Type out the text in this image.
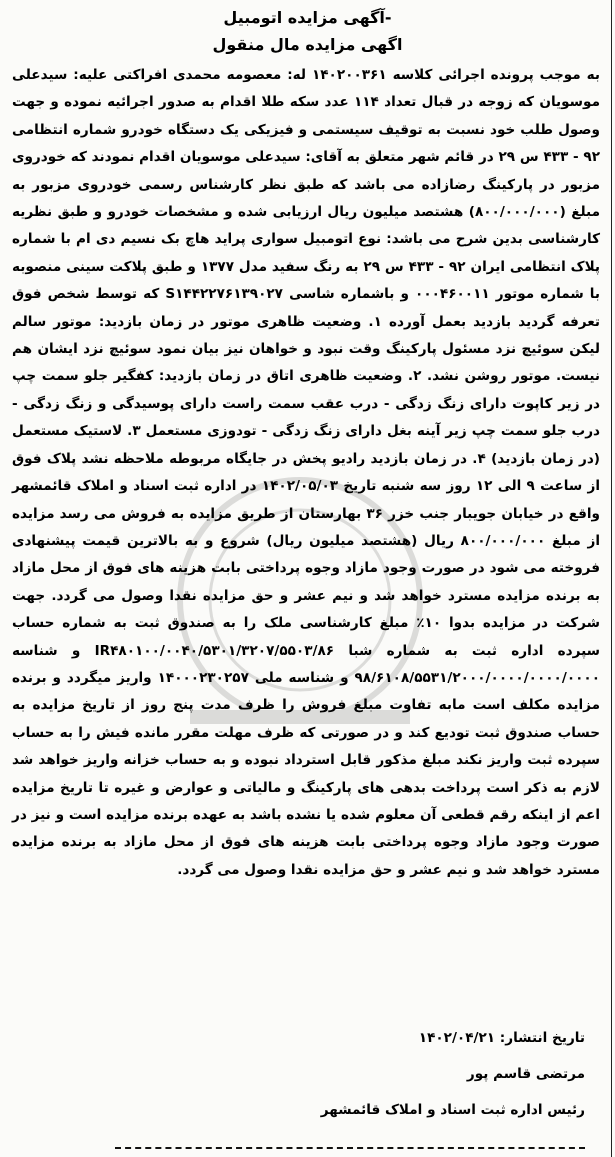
-آگهی مزایده اتومبیل
اگهی مزایده مال منقول
به موجب پرونده اجرائی کلاسه ۱۴۰۲۰۰۳۶۱ له: معصومه محمدی افراکتی علیه: سیدعلی موسویان که زوجه در قبال تعداد ۱۱۴ عدد سکه طلا اقدام به صدور اجرائیه نموده و جهت وصول طلب خود نسبت به توقیف سیستمی و فیزیکی یک دستگاه خودرو شماره انتظامی ۹۲ - ۴۳۳ س ۲۹ در قائم شهر متعلق به آقای: سیدعلی موسویان اقدام نمودند که خودروی مزبور در پارکینگ رضازاده می باشد که طبق نظر کارشناس رسمی خودروی مزبور به مبلغ (۸۰۰/۰۰۰/۰۰۰) هشتصد میلیون ریال ارزیابی شده و مشخصات خودرو و طبق نظریه کارشناسی بدین شرح می باشد: نوع اتومبیل سواری پراید هاچ بک نسیم دی ام با شماره پلاک انتظامی ایران ۹۲ - ۴۳۳ س ۲۹ به رنگ سفید مدل ۱۳۷۷ و طبق پلاکت سینی منصوبه با شماره موتور ۰۰۰۴۶۰۰۱۱ و باشماره شاسی S۱۴۴۲۲۷۶۱۳۹۰۲۷ که توسط شخص فوق تعرفه گردید بازدید بعمل آورده ۱. وضعیت ظاهری موتور در زمان بازدید: موتور سالم لیکن سوئیچ نزد مسئول پارکینگ وقت نبود و خواهان نیز بیان نمود سوئیچ نزد ایشان هم نیست. موتور روشن نشد. ۲. وضعیت ظاهری اتاق در زمان بازدید: کفگیر جلو سمت چپ در زیر کاپوت دارای زنگ زدگی - درب عقب سمت راست دارای پوسیدگی و زنگ زدگی - درب جلو سمت چپ زیر آینه بغل دارای زنگ زدگی - تودوزی مستعمل ۳. لاستیک مستعمل (در زمان بازدید) ۴. در زمان بازدید رادیو پخش در جایگاه مربوطه ملاحظه نشد پلاک فوق از ساعت ۹ الی ۱۲ روز سه شنبه تاریخ ۱۴۰۲/۰۵/۰۳ در اداره ثبت اسناد و املاک قائمشهر واقع در خیابان جویبار جنب خزر ۳۶ بهارستان از طریق مزایده به فروش می رسد مزایده از مبلغ ۸۰۰/۰۰۰/۰۰۰ ریال (هشتصد میلیون ریال) شروع و به بالاترین قیمت پیشنهادی فروخته می شود در صورت وجود مازاد وجوه پرداختی بابت هزینه های فوق از محل مازاد به برنده مزایده مسترد خواهد شد و نیم عشر و حق مزایده نقدا وصول می گردد. جهت شرکت در مزایده بدوا ۱۰٪ مبلغ کارشناسی ملک را به صندوق ثبت به شماره حساب سپرده اداره ثبت به شماره شبا IR۴۸۰۱۰۰/۰۰۴۰/۵۳۰۱/۳۲۰۷/۵۵۰۳/۸۶ و شناسه ۹۸/۶۱۰۸/۵۵۳۱/۲۰۰۰/۰۰۰۰/۰۰۰۰/۰۰۰۰ و شناسه ملی ۱۴۰۰۰۲۳۰۲۵۷ واریز میگردد و برنده مزایده مکلف است مابه تفاوت مبلغ فروش را ظرف مدت پنج روز از تاریخ مزایده به حساب صندوق ثبت تودیع کند و در صورتی که ظرف مهلت مقرر مانده فیش را به حساب سپرده ثبت واریز نکند مبلغ مذکور قابل استرداد نبوده و به حساب خزانه واریز خواهد شد لازم به ذکر است پرداخت بدهی های پارکینگ و مالیاتی و عوارض و غیره تا تاریخ مزایده اعم از اینکه رقم قطعی آن معلوم شده یا نشده باشد به عهده برنده مزایده است و نیز در صورت وجود مازاد وجوه پرداختی بابت هزینه های فوق از محل مازاد به برنده مزایده مسترد خواهد شد و نیم عشر و حق مزایده نقدا وصول می گردد.
تاریخ انتشار: ۱۴۰۲/۰۴/۲۱
مرتضی قاسم پور
رئیس اداره ثبت اسناد و املاک قائمشهر
